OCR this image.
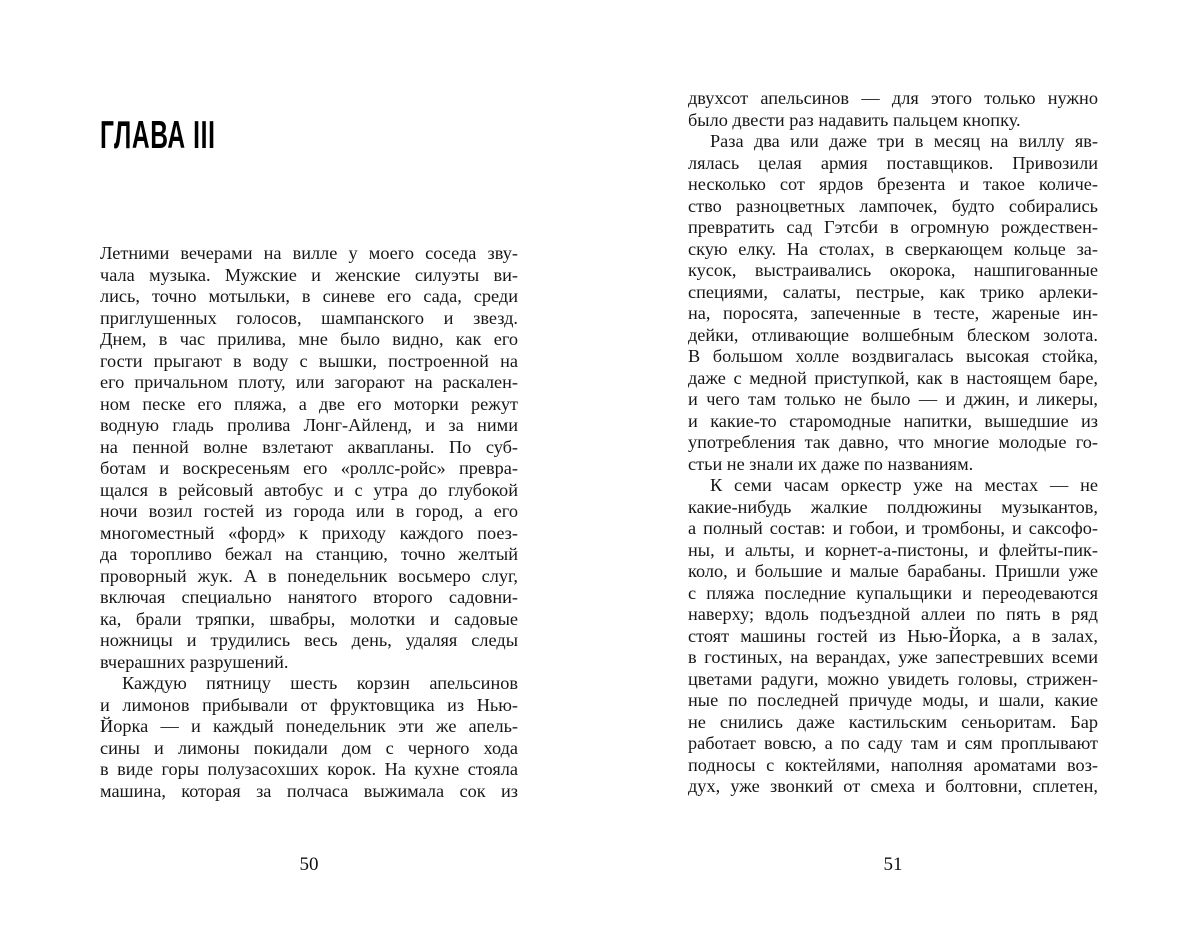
ГЛАВА III
Летними вечерами на вилле у моего соседа зву-
чала музыка. Мужские и женские силуэты ви-
лись, точно мотыльки, в синеве его сада, среди
приглушенных голосов, шампанского и звезд.
Днем, в час прилива, мне было видно, как его
гости прыгают в воду с вышки, построенной на
его причальном плоту, или загорают на раскален-
ном песке его пляжа, а две его моторки режут
водную гладь пролива Лонг-Айленд, и за ними
на пенной волне взлетают аквапланы. По суб-
ботам и воскресеньям его «роллс-ройс» превра-
щался в рейсовый автобус и с утра до глубокой
ночи возил гостей из города или в город, а его
многоместный «форд» к приходу каждого поез-
да торопливо бежал на станцию, точно желтый
проворный жук. А в понедельник восьмеро слуг,
включая специально нанятого второго садовни-
ка, брали тряпки, швабры, молотки и садовые
ножницы и трудились весь день, удаляя следы
вчерашних разрушений.
Каждую пятницу шесть корзин апельсинов
и лимонов прибывали от фруктовщика из Нью-
Йорка — и каждый понедельник эти же апель-
сины и лимоны покидали дом с черного хода
в виде горы полузасохших корок. На кухне стояла
машина, которая за полчаса выжимала сок из
50
двухсот апельсинов — для этого только нужно
было двести раз надавить пальцем кнопку.
Раза два или даже три в месяц на виллу яв-
лялась целая армия поставщиков. Привозили
несколько сот ярдов брезента и такое количе-
ство разноцветных лампочек, будто собирались
превратить сад Гэтсби в огромную рождествен-
скую елку. На столах, в сверкающем кольце за-
кусок, выстраивались окорока, нашпигованные
специями, салаты, пестрые, как трико арлеки-
на, поросята, запеченные в тесте, жареные ин-
дейки, отливающие волшебным блеском золота.
В большом холле воздвигалась высокая стойка,
даже с медной приступкой, как в настоящем баре,
и чего там только не было — и джин, и ликеры,
и какие-то старомодные напитки, вышедшие из
употребления так давно, что многие молодые го-
стьи не знали их даже по названиям.
К семи часам оркестр уже на местах — не
какие-нибудь жалкие полдюжины музыкантов,
а полный состав: и гобои, и тромбоны, и саксофо-
ны, и альты, и корнет-а-пистоны, и флейты-пик-
коло, и большие и малые барабаны. Пришли уже
с пляжа последние купальщики и переодеваются
наверху; вдоль подъездной аллеи по пять в ряд
стоят машины гостей из Нью-Йорка, а в залах,
в гостиных, на верандах, уже запестревших всеми
цветами радуги, можно увидеть головы, стрижен-
ные по последней причуде моды, и шали, какие
не снились даже кастильским сеньоритам. Бар
работает вовсю, а по саду там и сям проплывают
подносы с коктейлями, наполняя ароматами воз-
дух, уже звонкий от смеха и болтовни, сплетен,
51
